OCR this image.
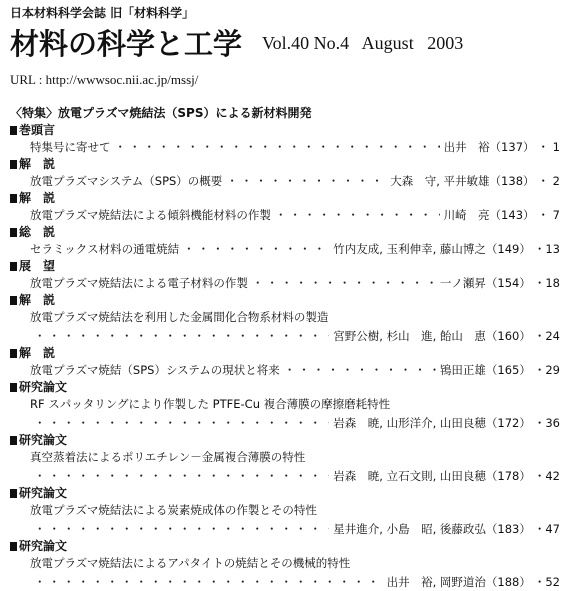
日本材料科学会誌 旧「材料科学」
材料の科学と工学 Vol.40 No.4   August   2003
URL : http://wwwsoc.nii.ac.jp/mssj/
〈特集〉放電プラズマ焼結法（SPS）による新材料開発
巻頭言
特集号に寄せて ・・・・・・・・・・・・・・・・・・・・・・・・・・・・・・・・・・・・・・・・・・・・・・・・・・・・・・・・・・・	出井　裕（137） ・ 1
解　説
放電プラズマシステム（SPS）の概要 ・・・・・・・・・・・・・・・・・・・・・・・・・・・・・・・・・・・・・・・・・・・・・・・・・・・・・・・・・・・	大森　守, 平井敏雄（138） ・ 2
解　説
放電プラズマ焼結法による傾斜機能材料の作製 ・・・・・・・・・・・・・・・・・・・・・・・・・・・・・・・・・・・・・・・・・・・・・・・・・・・・・・・・・・・	川崎　亮（143） ・ 7
総　説
セラミックス材料の通電焼結 ・・・・・・・・・・・・・・・・・・・・・・・・・・・・・・・・・・・・・・・・・・・・・・・・・・・・・・・・・・・	竹内友成, 玉利伸幸, 藤山博之（149） ・13
展　望
放電プラズマ焼結法による電子材料の作製 ・・・・・・・・・・・・・・・・・・・・・・・・・・・・・・・・・・・・・・・・・・・・・・・・・・・・・・・・・・・	一ノ瀬昇（154） ・18
解　説
放電プラズマ焼結法を利用した金属間化合物系材料の製造
・・・・・・・・・・・・・・・・・・・・・・・・・・・・・・・・・・・・・・・・・・・・・・・・・・・・・・・・・・・
宮野公樹, 杉山　進, 飴山　恵（160） ・24
解　説
放電プラズマ焼結（SPS）システムの現状と将来 ・・・・・・・・・・・・・・・・・・・・・・・・・・・・・・・・・・・・・・・・・・・・・・・・・・・・・・・・・・・	鴇田正雄（165） ・29
研究論文
RF スパッタリングにより作製した PTFE-Cu 複合薄膜の摩擦磨耗特性
・・・・・・・・・・・・・・・・・・・・・・・・・・・・・・・・・・・・・・・・・・・・・・・・・・・・・・・・・・・
岩森　暁, 山形洋介, 山田良穂（172） ・36
研究論文
真空蒸着法によるポリエチレン－金属複合薄膜の特性
・・・・・・・・・・・・・・・・・・・・・・・・・・・・・・・・・・・・・・・・・・・・・・・・・・・・・・・・・・・
岩森　暁, 立石文則, 山田良穂（178） ・42
研究論文
放電プラズマ焼結法による炭素焼成体の作製とその特性
・・・・・・・・・・・・・・・・・・・・・・・・・・・・・・・・・・・・・・・・・・・・・・・・・・・・・・・・・・・
星井進介, 小島　昭, 後藤政弘（183） ・47
研究論文
放電プラズマ焼結法によるアパタイトの焼結とその機械的特性
・・・・・・・・・・・・・・・・・・・・・・・・・・・・・・・・・・・・・・・・・・・・・・・・・・・・・・・・・・・
出井　裕, 岡野道治（188） ・52
